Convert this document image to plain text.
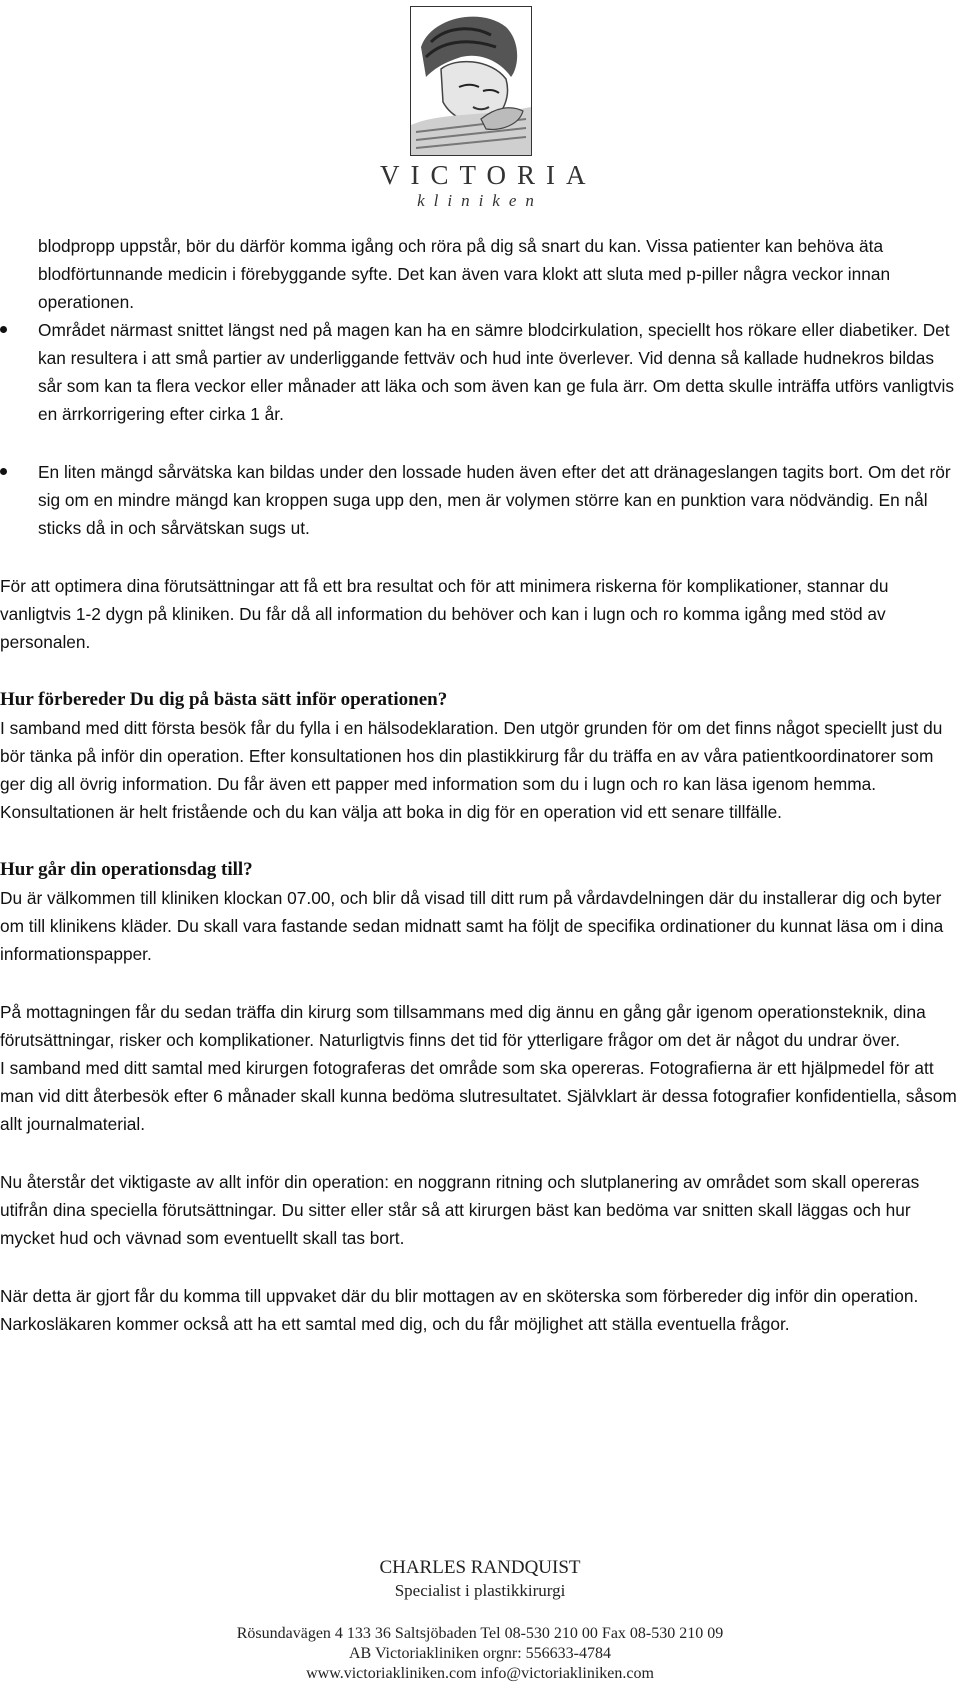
VICTORIA
kliniken

blodpropp uppstår, bör du därför komma igång och röra på dig så snart du kan. Vissa patienter kan behöva äta blodförtunnande medicin i förebyggande syfte. Det kan även vara klokt att sluta med p-piller några veckor innan operationen.

Området närmast snittet längst ned på magen kan ha en sämre blodcirkulation, speciellt hos rökare eller diabetiker. Det kan resultera i att små partier av underliggande fettväv och hud inte överlever. Vid denna så kallade hudnekros bildas sår som kan ta flera veckor eller månader att läka och som även kan ge fula ärr. Om detta skulle inträffa utförs vanligtvis en ärrkorrigering efter cirka 1 år.
En liten mängd sårvätska kan bildas under den lossade huden även efter det att dränageslangen tagits bort. Om det rör sig om en mindre mängd kan kroppen suga upp den, men är volymen större kan en punktion vara nödvändig. En nål sticks då in och sårvätskan sugs ut.

För att optimera dina förutsättningar att få ett bra resultat och för att minimera riskerna för komplikationer, stannar du vanligtvis 1-2 dygn på kliniken. Du får då all information du behöver och kan i lugn och ro komma igång med stöd av personalen.

Hur förbereder Du dig på bästa sätt inför operationen?

I samband med ditt första besök får du fylla i en hälsodeklaration. Den utgör grunden för om det finns något speciellt just du bör tänka på inför din operation. Efter konsultationen hos din plastikkirurg får du träffa en av våra patientkoordinatorer som ger dig all övrig information. Du får även ett papper med information som du i lugn och ro kan läsa igenom hemma. Konsultationen är helt fristående och du kan välja att boka in dig för en operation vid ett senare tillfälle.

Hur går din operationsdag till?

Du är välkommen till kliniken klockan 07.00, och blir då visad till ditt rum på vårdavdelningen där du installerar dig och byter om till klinikens kläder. Du skall vara fastande sedan midnatt samt ha följt de specifika ordinationer du kunnat läsa om i dina informationspapper.

På mottagningen får du sedan träffa din kirurg som tillsammans med dig ännu en gång går igenom operationsteknik, dina förutsättningar, risker och komplikationer. Naturligtvis finns det tid för ytterligare frågor om det är något du undrar över.

I samband med ditt samtal med kirurgen fotograferas det område som ska opereras. Fotografierna är ett hjälpmedel för att man vid ditt återbesök efter 6 månader skall kunna bedöma slutresultatet. Självklart är dessa fotografier konfidentiella, såsom allt journalmaterial.

Nu återstår det viktigaste av allt inför din operation: en noggrann ritning och slutplanering av området som skall opereras utifrån dina speciella förutsättningar. Du sitter eller står så att kirurgen bäst kan bedöma var snitten skall läggas och hur mycket hud och vävnad som eventuellt skall tas bort.

När detta är gjort får du komma till uppvaket där du blir mottagen av en sköterska som förbereder dig inför din operation. Narkosläkaren kommer också att ha ett samtal med dig, och du får möjlighet att ställa eventuella frågor.

CHARLES RANDQUIST
Specialist i plastikkirurgi
Rösundavägen 4 133 36 Saltsjöbaden Tel 08-530 210 00 Fax 08-530 210 09
AB Victoriakliniken orgnr: 556633-4784
www.victoriakliniken.com info@victoriakliniken.com
